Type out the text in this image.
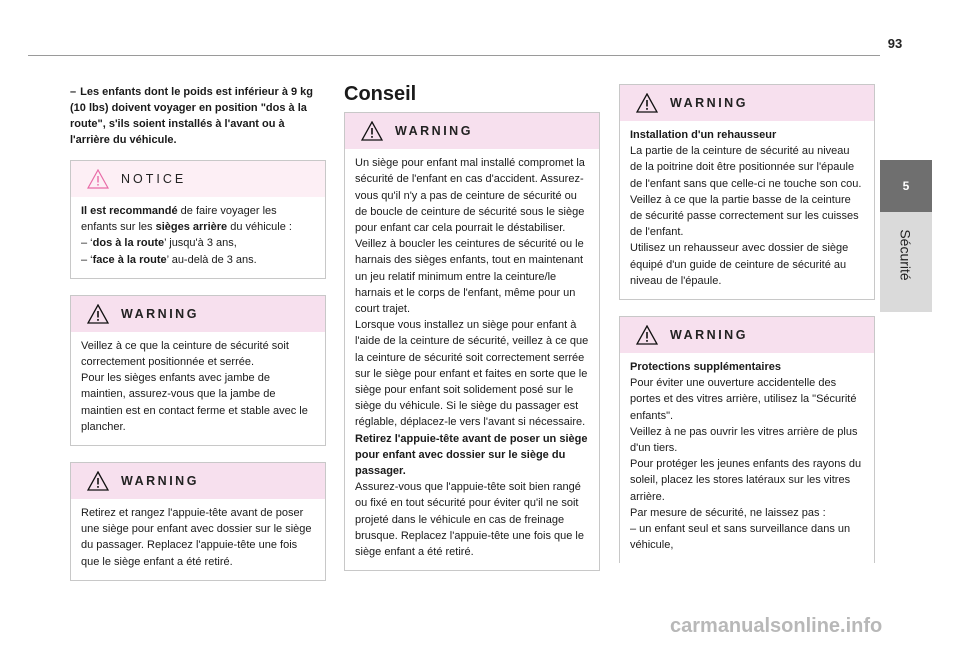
93
5
Sécurité

– Les enfants dont le poids est inférieur à 9 kg (10 lbs) doivent voyager en position "dos à la route", s'ils soient installés à l'avant ou à l'arrière du véhicule.

NOTICE

Il est recommandé de faire voyager les enfants sur les sièges arrière du véhicule :

– ‘dos à la route’ jusqu'à 3 ans,

– ‘face à la route’ au-delà de 3 ans.

WARNING

Veillez à ce que la ceinture de sécurité soit correctement positionnée et serrée.
Pour les sièges enfants avec jambe de maintien, assurez-vous que la jambe de maintien est en contact ferme et stable avec le plancher.

WARNING

Retirez et rangez l'appuie-tête avant de poser une siège pour enfant avec dossier sur le siège du passager. Replacez l'appuie-tête une fois que le siège enfant a été retiré.

Conseil
WARNING

Un siège pour enfant mal installé compromet la sécurité de l'enfant en cas d'accident. Assurez-vous qu'il n'y a pas de ceinture de sécurité ou de boucle de ceinture de sécurité sous le siège pour enfant car cela pourrait le déstabiliser.

Veillez à boucler les ceintures de sécurité ou le harnais des sièges enfants, tout en maintenant un jeu relatif minimum entre la ceinture/le harnais et le corps de l'enfant, même pour un court trajet.

Lorsque vous installez un siège pour enfant à l'aide de la ceinture de sécurité, veillez à ce que la ceinture de sécurité soit correctement serrée sur le siège pour enfant et faites en sorte que le siège pour enfant soit solidement posé sur le siège du véhicule. Si le siège du passager est réglable, déplacez-le vers l'avant si nécessaire.

Retirez l'appuie-tête avant de poser un siège pour enfant avec dossier sur le siège du passager.

Assurez-vous que l'appuie-tête soit bien rangé ou fixé en tout sécurité pour éviter qu'il ne soit projeté dans le véhicule en cas de freinage brusque. Replacez l'appuie-tête une fois que le siège enfant a été retiré.

WARNING

Installation d'un rehausseur

La partie de la ceinture de sécurité au niveau de la poitrine doit être positionnée sur l'épaule de l'enfant sans que celle-ci ne touche son cou.

Veillez à ce que la partie basse de la ceinture de sécurité passe correctement sur les cuisses de l'enfant.

Utilisez un rehausseur avec dossier de siège équipé d'un guide de ceinture de sécurité au niveau de l'épaule.

WARNING

Protections supplémentaires

Pour éviter une ouverture accidentelle des portes et des vitres arrière, utilisez la "Sécurité enfants".

Veillez à ne pas ouvrir les vitres arrière de plus d'un tiers.

Pour protéger les jeunes enfants des rayons du soleil, placez les stores latéraux sur les vitres arrière.

Par mesure de sécurité, ne laissez pas :

– un enfant seul et sans surveillance dans un véhicule,

carmanualsonline.info
